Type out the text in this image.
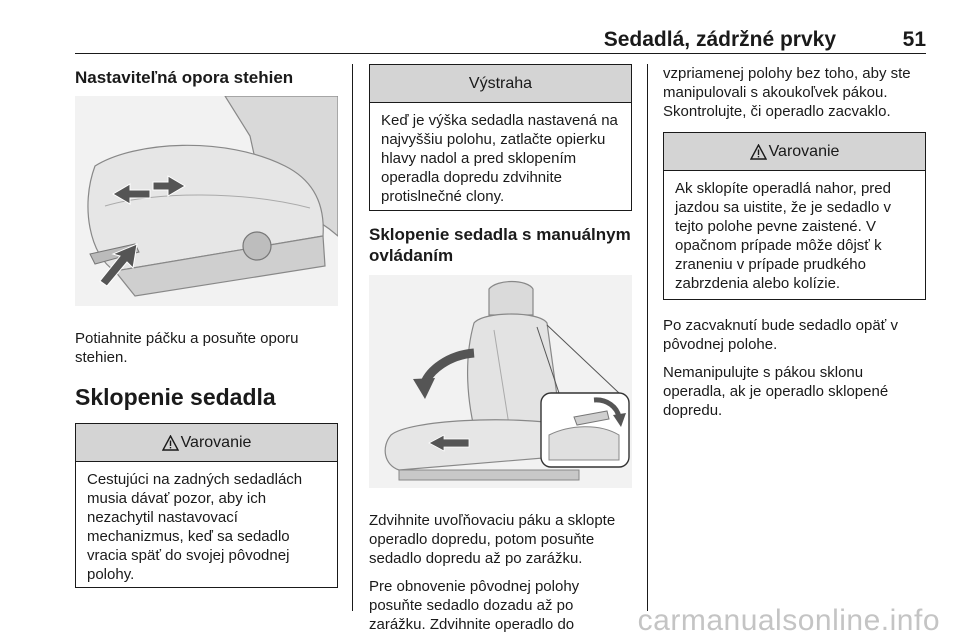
Sedadlá, zádržné prvky	51
Nastaviteľná opora stehien
Potiahnite páčku a posuňte oporu stehien.
Sklopenie sedadla
Varovanie
Cestujúci na zadných sedadlách musia dávať pozor, aby ich nezachytil nastavovací mechanizmus, keď sa sedadlo vracia späť do svojej pôvodnej polohy.
Výstraha
Keď je výška sedadla nastavená na najvyššiu polohu, zatlačte opierku hlavy nadol a pred sklopením operadla dopredu zdvihnite protislnečné clony.
Sklopenie sedadla s manuálnym ovládaním
Zdvihnite uvoľňovaciu páku a sklopte operadlo dopredu, potom posuňte sedadlo dopredu až po zarážku.
Pre obnovenie pôvodnej polohy posuňte sedadlo dozadu až po zarážku. Zdvihnite operadlo do
vzpriamenej polohy bez toho, aby ste manipulovali s akoukoľvek pákou. Skontrolujte, či operadlo zacvaklo.
Varovanie
Ak sklopíte operadlá nahor, pred jazdou sa uistite, že je sedadlo v tejto polohe pevne zaistené. V opačnom prípade môže dôjsť k zraneniu v prípade prudkého zabrzdenia alebo kolízie.
Po zacvaknutí bude sedadlo opäť v pôvodnej polohe.
Nemanipulujte s pákou sklonu operadla, ak je operadlo sklopené dopredu.
carmanualsonline.info
